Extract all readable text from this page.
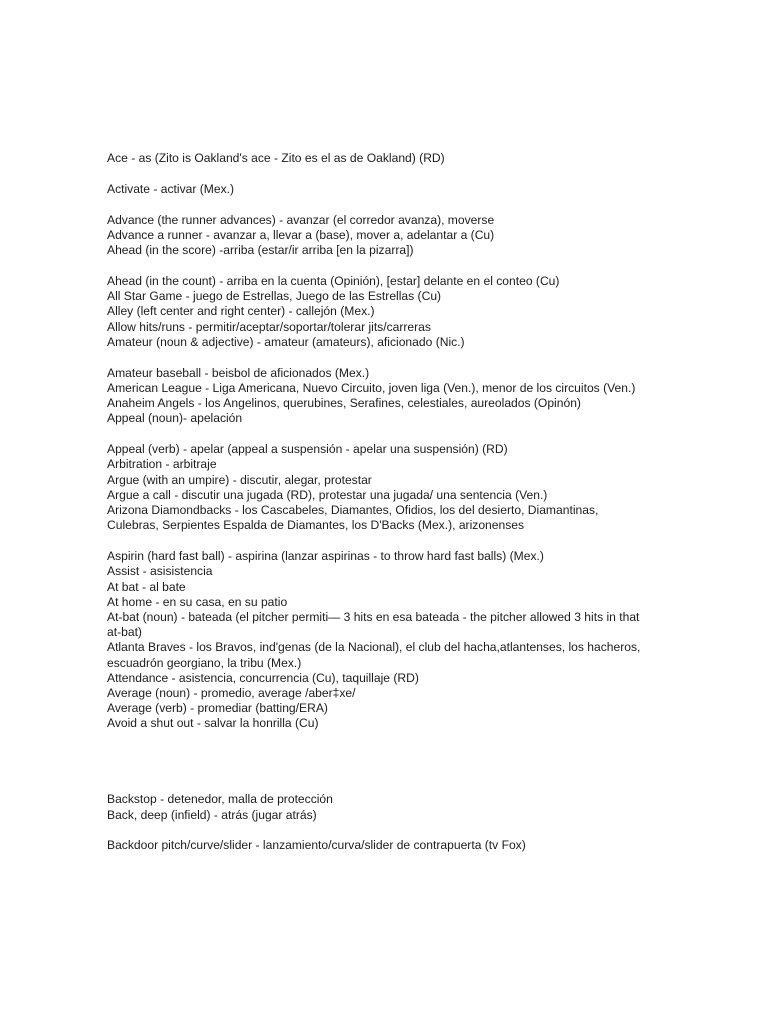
Ace - as (Zito is Oakland's ace - Zito es el as de Oakland) (RD)
Activate - activar (Mex.)
Advance (the runner advances) - avanzar (el corredor avanza), moverse
Advance a runner - avanzar a, llevar a (base), mover a, adelantar a (Cu)
Ahead (in the score) -arriba (estar/ir arriba [en la pizarra])
Ahead (in the count) - arriba en la cuenta (Opinión), [estar] delante en el conteo (Cu)
All Star Game - juego de Estrellas, Juego de las Estrellas (Cu)
Alley (left center and right center) - callejón (Mex.)
Allow hits/runs - permitir/aceptar/soportar/tolerar jits/carreras
Amateur (noun & adjective) - amateur (amateurs), aficionado (Nic.)
Amateur baseball - beisbol de aficionados (Mex.)
American League - Liga Americana, Nuevo Circuito, joven liga (Ven.), menor de los circuitos (Ven.)
Anaheim Angels - los Angelinos, querubines, Serafines, celestiales, aureolados (Opinón)
Appeal (noun)- apelación
Appeal (verb) - apelar (appeal a suspensión - apelar una suspensión) (RD)
Arbitration - arbitraje
Argue (with an umpire) - discutir, alegar, protestar
Argue a call - discutir una jugada (RD), protestar una jugada/ una sentencia (Ven.)
Arizona Diamondbacks - los Cascabeles, Diamantes, Ofidios, los del desierto, Diamantinas,
Culebras, Serpientes Espalda de Diamantes, los D'Backs (Mex.), arizonenses
Aspirin (hard fast ball) - aspirina (lanzar aspirinas - to throw hard fast balls) (Mex.)
Assist - asisistencia
At bat - al bate
At home - en su casa, en su patio
At-bat (noun) - bateada (el pitcher permiti— 3 hits en esa bateada - the pitcher allowed 3 hits in that
at-bat)
Atlanta Braves - los Bravos, ind'genas (de la Nacional), el club del hacha,atlantenses, los hacheros,
escuadrón georgiano, la tribu (Mex.)
Attendance - asistencia, concurrencia (Cu), taquillaje (RD)
Average (noun) - promedio, average /aber‡xe/
Average (verb) - promediar (batting/ERA)
Avoid a shut out - salvar la honrilla (Cu)
Backstop - detenedor, malla de protección
Back, deep (infield) - atrás (jugar atrás)
Backdoor pitch/curve/slider - lanzamiento/curva/slider de contrapuerta (tv Fox)
